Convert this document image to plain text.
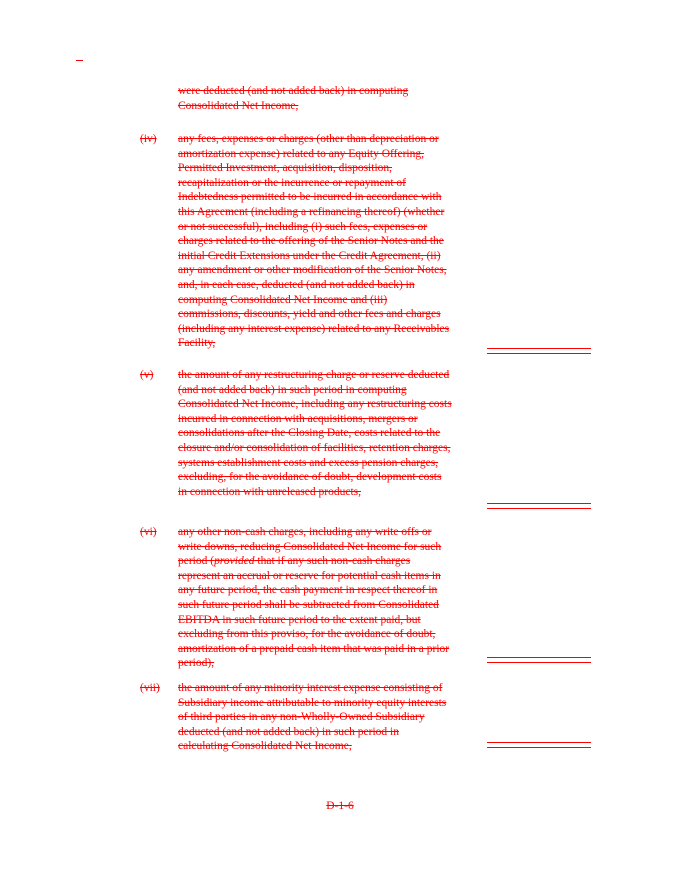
were deducted (and not added back) in computing Consolidated Net Income,
(iv)	any fees, expenses or charges (other than depreciation or amortization expense) related to any Equity Offering, Permitted Investment, acquisition, disposition, recapitalization or the incurrence or repayment of Indebtedness permitted to be incurred in accordance with this Agreement (including a refinancing thereof) (whether or not successful), including (i) such fees, expenses or charges related to the offering of the Senior Notes and the initial Credit Extensions under the Credit Agreement, (ii) any amendment or other modification of the Senior Notes, and, in each case, deducted (and not added back) in computing Consolidated Net Income and (iii) commissions, discounts, yield and other fees and charges (including any interest expense) related to any Receivables Facility,
(v)	the amount of any restructuring charge or reserve deducted (and not added back) in such period in computing Consolidated Net Income, including any restructuring costs incurred in connection with acquisitions, mergers or consolidations after the Closing Date, costs related to the closure and/or consolidation of facilities, retention charges, systems establishment costs and excess pension charges, excluding, for the avoidance of doubt, development costs in connection with unreleased products,
(vi)	any other non-cash charges, including any write offs or write downs, reducing Consolidated Net Income for such period (provided that if any such non-cash charges represent an accrual or reserve for potential cash items in any future period, the cash payment in respect thereof in such future period shall be subtracted from Consolidated EBITDA in such future period to the extent paid, but excluding from this proviso, for the avoidance of doubt, amortization of a prepaid cash item that was paid in a prior period),
(vii)	the amount of any minority interest expense consisting of Subsidiary income attributable to minority equity interests of third parties in any non-Wholly-Owned Subsidiary deducted (and not added back) in such period in calculating Consolidated Net Income,
D-1-6
